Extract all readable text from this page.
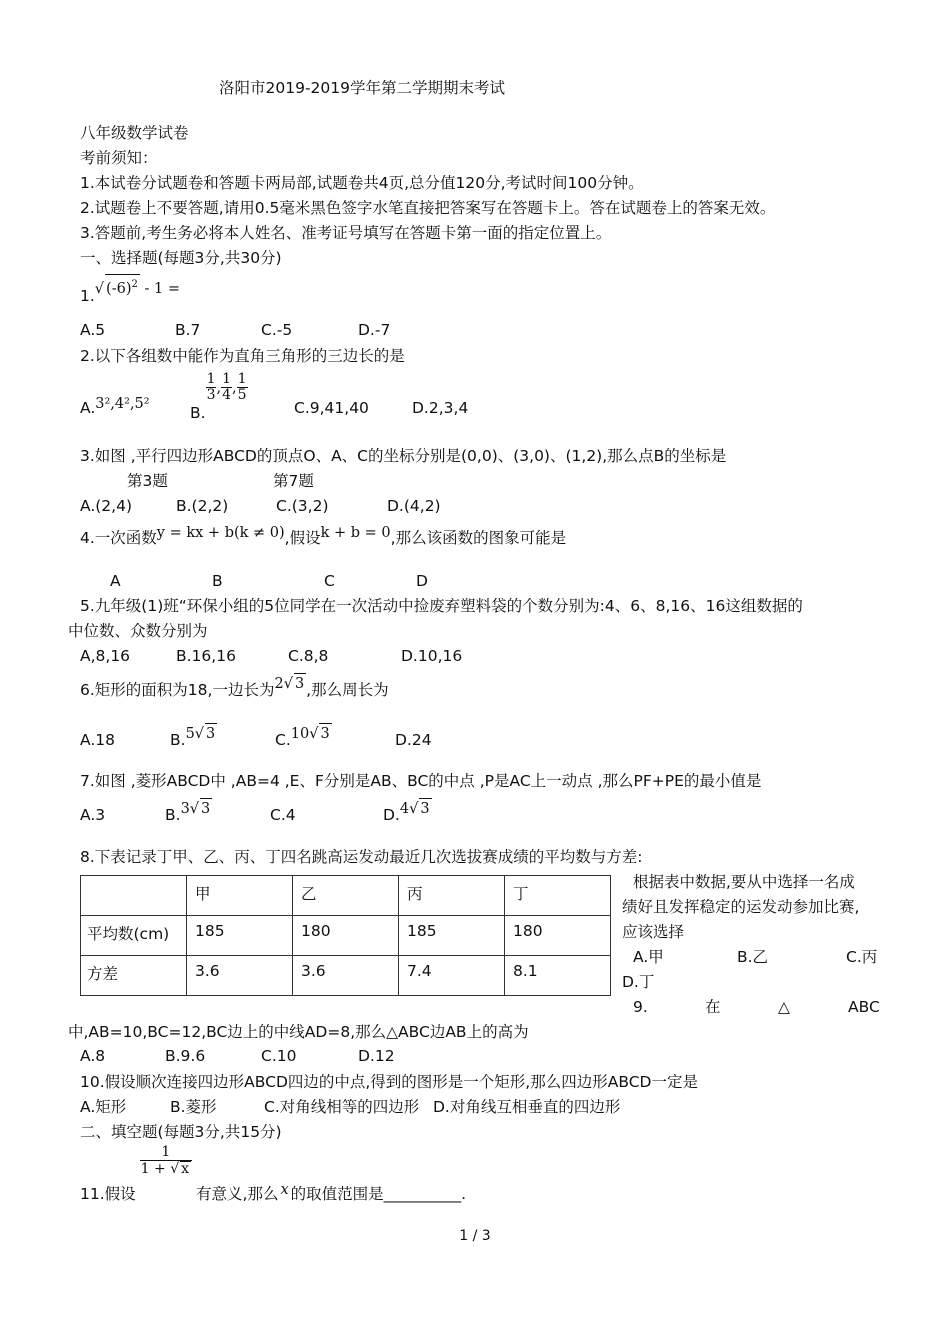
洛阳市2019-2019学年第二学期期末考试
八年级数学试卷
考前须知：
1.本试卷分试题卷和答题卡两局部,试题卷共4页,总分值120分,考试时间100分钟。
2.试题卷上不要答题,请用0.5毫米黑色签字水笔直接把答案写在答题卡上。答在试题卷上的答案无效。
3.答题前,考生务必将本人姓名、准考证号填写在答题卡第一面的指定位置上。
一、选择题(每题3分,共30分)
1.√ $(-6)^2 - 1$ =
A.5	B.7	C.-5	D.-7
2.以下各组数中能作为直角三角形的三边长的是
A.3²,4²,5²	B.
$\frac{1}{3}$ , $\frac{1}{4}$ , $\frac{1}{5}$
C.9,41,40	D.2,3,4
3.如图 ,平行四边形ABCD的顶点O、A、C的坐标分别是(0,0)、(3,0)、(1,2),那么点B的坐标是
第3题	第7题
A.(2,4)	B.(2,2)	C.(3,2)	D.(4,2)
4.一次函数y = kx + b(k ≠ 0),假设k + b = 0,那么该函数的图象可能是
A	B	C	D
5.九年级(1)班“环保小组的5位同学在一次活动中捡废弃塑料袋的个数分别为:4、6、8,16、16这组数据的
中位数、众数分别为
A,8,16	B.16,16	C.8,8	D.10,16
6.矩形的面积为18,一边长为2√ 3 ,那么周长为
A.18	B.5√ 3	C.10√ 3	D.24
7.如图 ,菱形ABCD中 ,AB=4 ,E、F分别是AB、BC的中点 ,P是AC上一动点 ,那么PF+PE的最小值是
A.3	B.3√ 3	C.4	D.4√ 3
8.下表记录丁甲、乙、丙、丁四名跳高运发动最近几次选拔赛成绩的平均数与方差:
	甲	乙	丙	丁
平均数(cm)	185	180	185	180
方差	3.6	3.6	7.4	8.1
根据表中数据,要从中选择一名成
绩好且发挥稳定的运发动参加比赛,
应该选择
A.甲	B.乙	C.丙
D.丁
9.	在	△	ABC
中,AB=10,BC=12,BC边上的中线AD=8,那么△ABC边AB上的高为
A.8	B.9.6	C.10	D.12
10.假设顺次连接四边形ABCD四边的中点,得到的图形是一个矩形,那么四边形ABCD一定是
A.矩形	B.菱形	C.对角线相等的四边形 D.对角线互相垂直的四边形
二、填空题(每题3分,共15分)
11.假设
$\frac{1}{1 + √ x}$
有意义,那么 x 的取值范围是__________.
1 / 3
